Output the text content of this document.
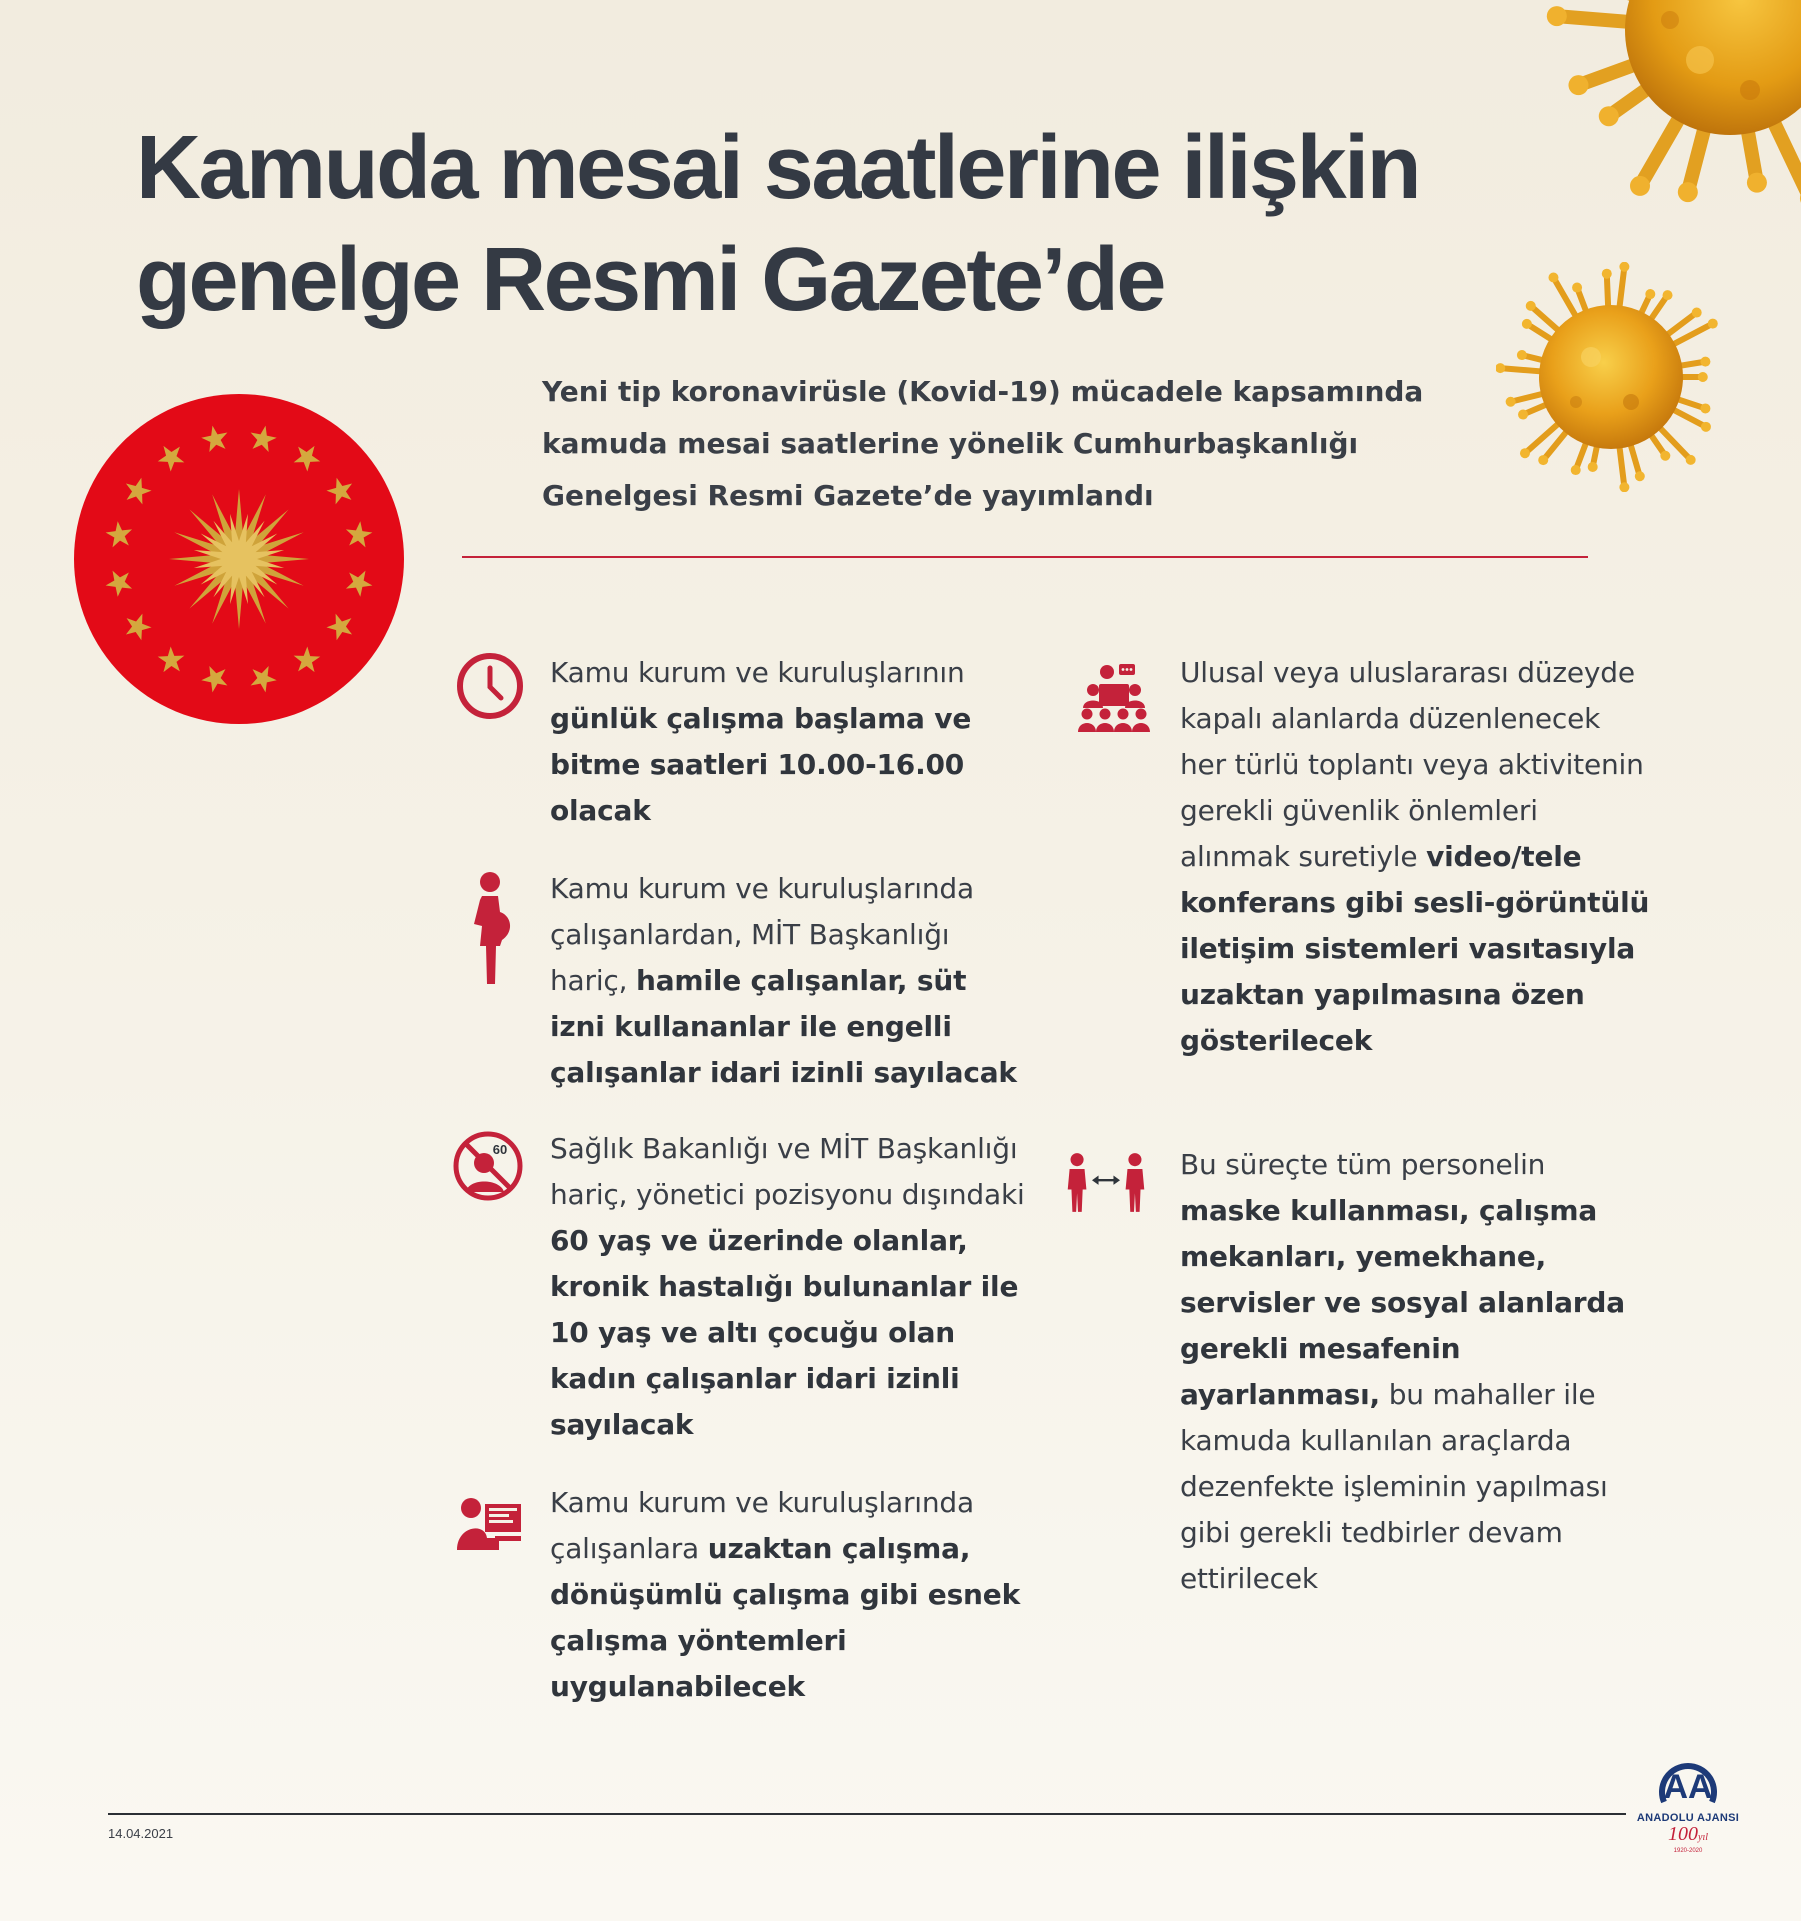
Kamuda mesai saatlerine ilişkin
genelge Resmi Gazete’de

Yeni tip koronavirüsle (Kovid-19) mücadele kapsamında kamuda mesai saatlerine yönelik Cumhurbaşkanlığı Genelgesi Resmi Gazete’de yayımlandı

Kamu kurum ve kuruluşlarının günlük çalışma başlama ve bitme saatleri 10.00-16.00 olacak

Kamu kurum ve kuruluşlarında çalışanlardan, MİT Başkanlığı hariç, hamile çalışanlar, süt izni kullananlar ile engelli çalışanlar idari izinli sayılacak

60 Sağlık Bakanlığı ve MİT Başkanlığı hariç, yönetici pozisyonu dışındaki 60 yaş ve üzerinde olanlar, kronik hastalığı bulunanlar ile 10 yaş ve altı çocuğu olan kadın çalışanlar idari izinli sayılacak

Kamu kurum ve kuruluşlarında çalışanlara uzaktan çalışma, dönüşümlü çalışma gibi esnek çalışma yöntemleri uygulanabilecek

Ulusal veya uluslararası düzeyde kapalı alanlarda düzenlenecek her türlü toplantı veya aktivitenin gerekli güvenlik önlemleri alınmak suretiyle video/tele konferans gibi sesli-görüntülü iletişim sistemleri vasıtasıyla uzaktan yapılmasına özen gösterilecek

Bu süreçte tüm personelin maske kullanması, çalışma mekanları, yemekhane, servisler ve sosyal alanlarda gerekli mesafenin ayarlanması, bu mahaller ile kamuda kullanılan araçlarda dezenfekte işleminin yapılması gibi gerekli tedbirler devam ettirilecek

14.04.2021
AA
ANADOLU AJANSI
100yıl
1920-2020
